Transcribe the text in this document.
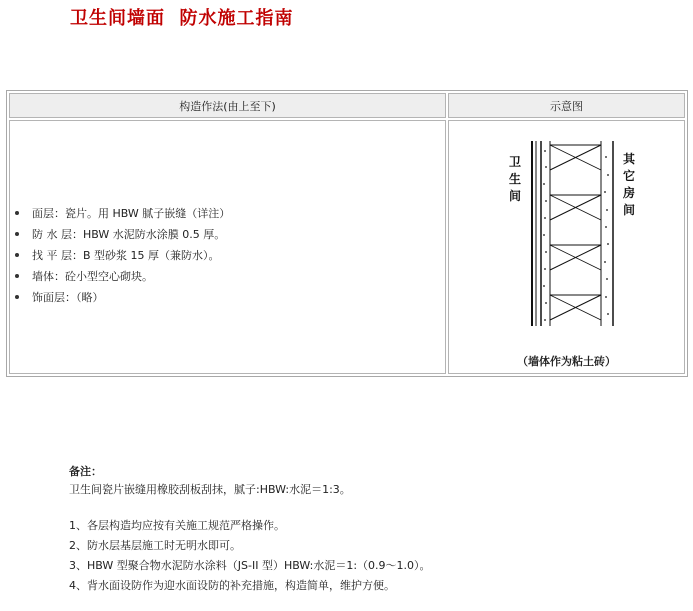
卫生间墙面  防水施工指南
构造作法(由上至下)	示意图
面层：瓷片。用 HBW 腻子嵌缝（详注）
防 水 层：HBW 水泥防水涂膜 0.5 厚。
找 平 层：B 型砂浆 15 厚（兼防水）。
墙体：砼小型空心砌块。
饰面层：（略）
卫
生
间
其
它
房
间
（墙体作为粘土砖）
备注：
卫生间瓷片嵌缝用橡胶刮板刮抹，腻子:HBW:水泥＝1:3。
1、各层构造均应按有关施工规范严格操作。
2、防水层基层施工时无明水即可。
3、HBW 型聚合物水泥防水涂料（JS-II 型）HBW:水泥＝1:（0.9～1.0）。
4、背水面设防作为迎水面设防的补充措施，构造简单，维护方便。
